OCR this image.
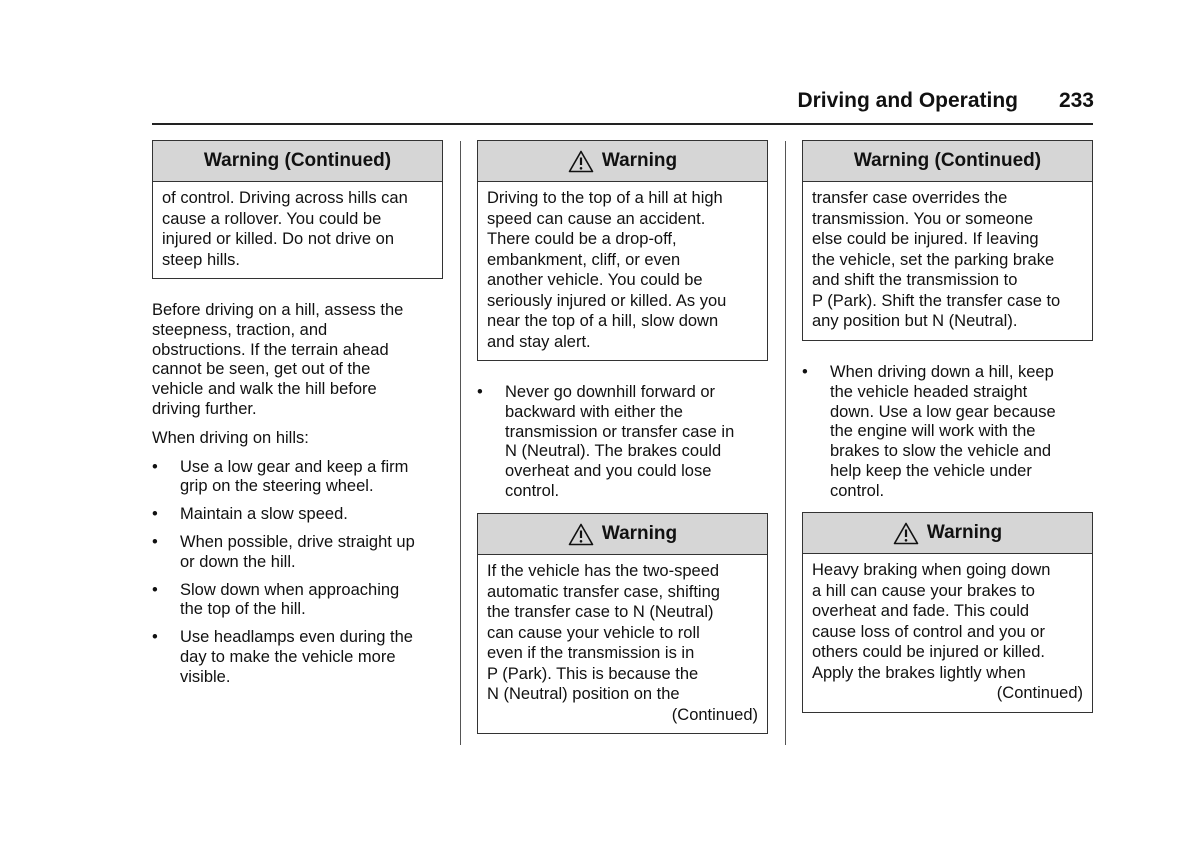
Driving and Operating	233
Warning (Continued)

of control. Driving across hills can

cause a rollover. You could be

injured or killed. Do not drive on

steep hills.

Before driving on a hill, assess the
steepness, traction, and
obstructions. If the terrain ahead
cannot be seen, get out of the
vehicle and walk the hill before
driving further.

When driving on hills:

• Use a low gear and keep a firm
grip on the steering wheel.
• Maintain a slow speed.
• When possible, drive straight up
or down the hill.
• Slow down when approaching
the top of the hill.
• Use headlamps even during the
day to make the vehicle more
visible.
Warning

Driving to the top of a hill at high

speed can cause an accident.

There could be a drop-off,

embankment, cliff, or even

another vehicle. You could be

seriously injured or killed. As you

near the top of a hill, slow down

and stay alert.

• Never go downhill forward or
backward with either the
transmission or transfer case in
N (Neutral). The brakes could
overheat and you could lose
control.
Warning

If the vehicle has the two-speed

automatic transfer case, shifting

the transfer case to N (Neutral)

can cause your vehicle to roll

even if the transmission is in

P (Park). This is because the

N (Neutral) position on the

(Continued)

Warning (Continued)

transfer case overrides the

transmission. You or someone

else could be injured. If leaving

the vehicle, set the parking brake

and shift the transmission to

P (Park). Shift the transfer case to

any position but N (Neutral).

• When driving down a hill, keep
the vehicle headed straight
down. Use a low gear because
the engine will work with the
brakes to slow the vehicle and
help keep the vehicle under
control.
Warning

Heavy braking when going down

a hill can cause your brakes to

overheat and fade. This could

cause loss of control and you or

others could be injured or killed.

Apply the brakes lightly when

(Continued)
